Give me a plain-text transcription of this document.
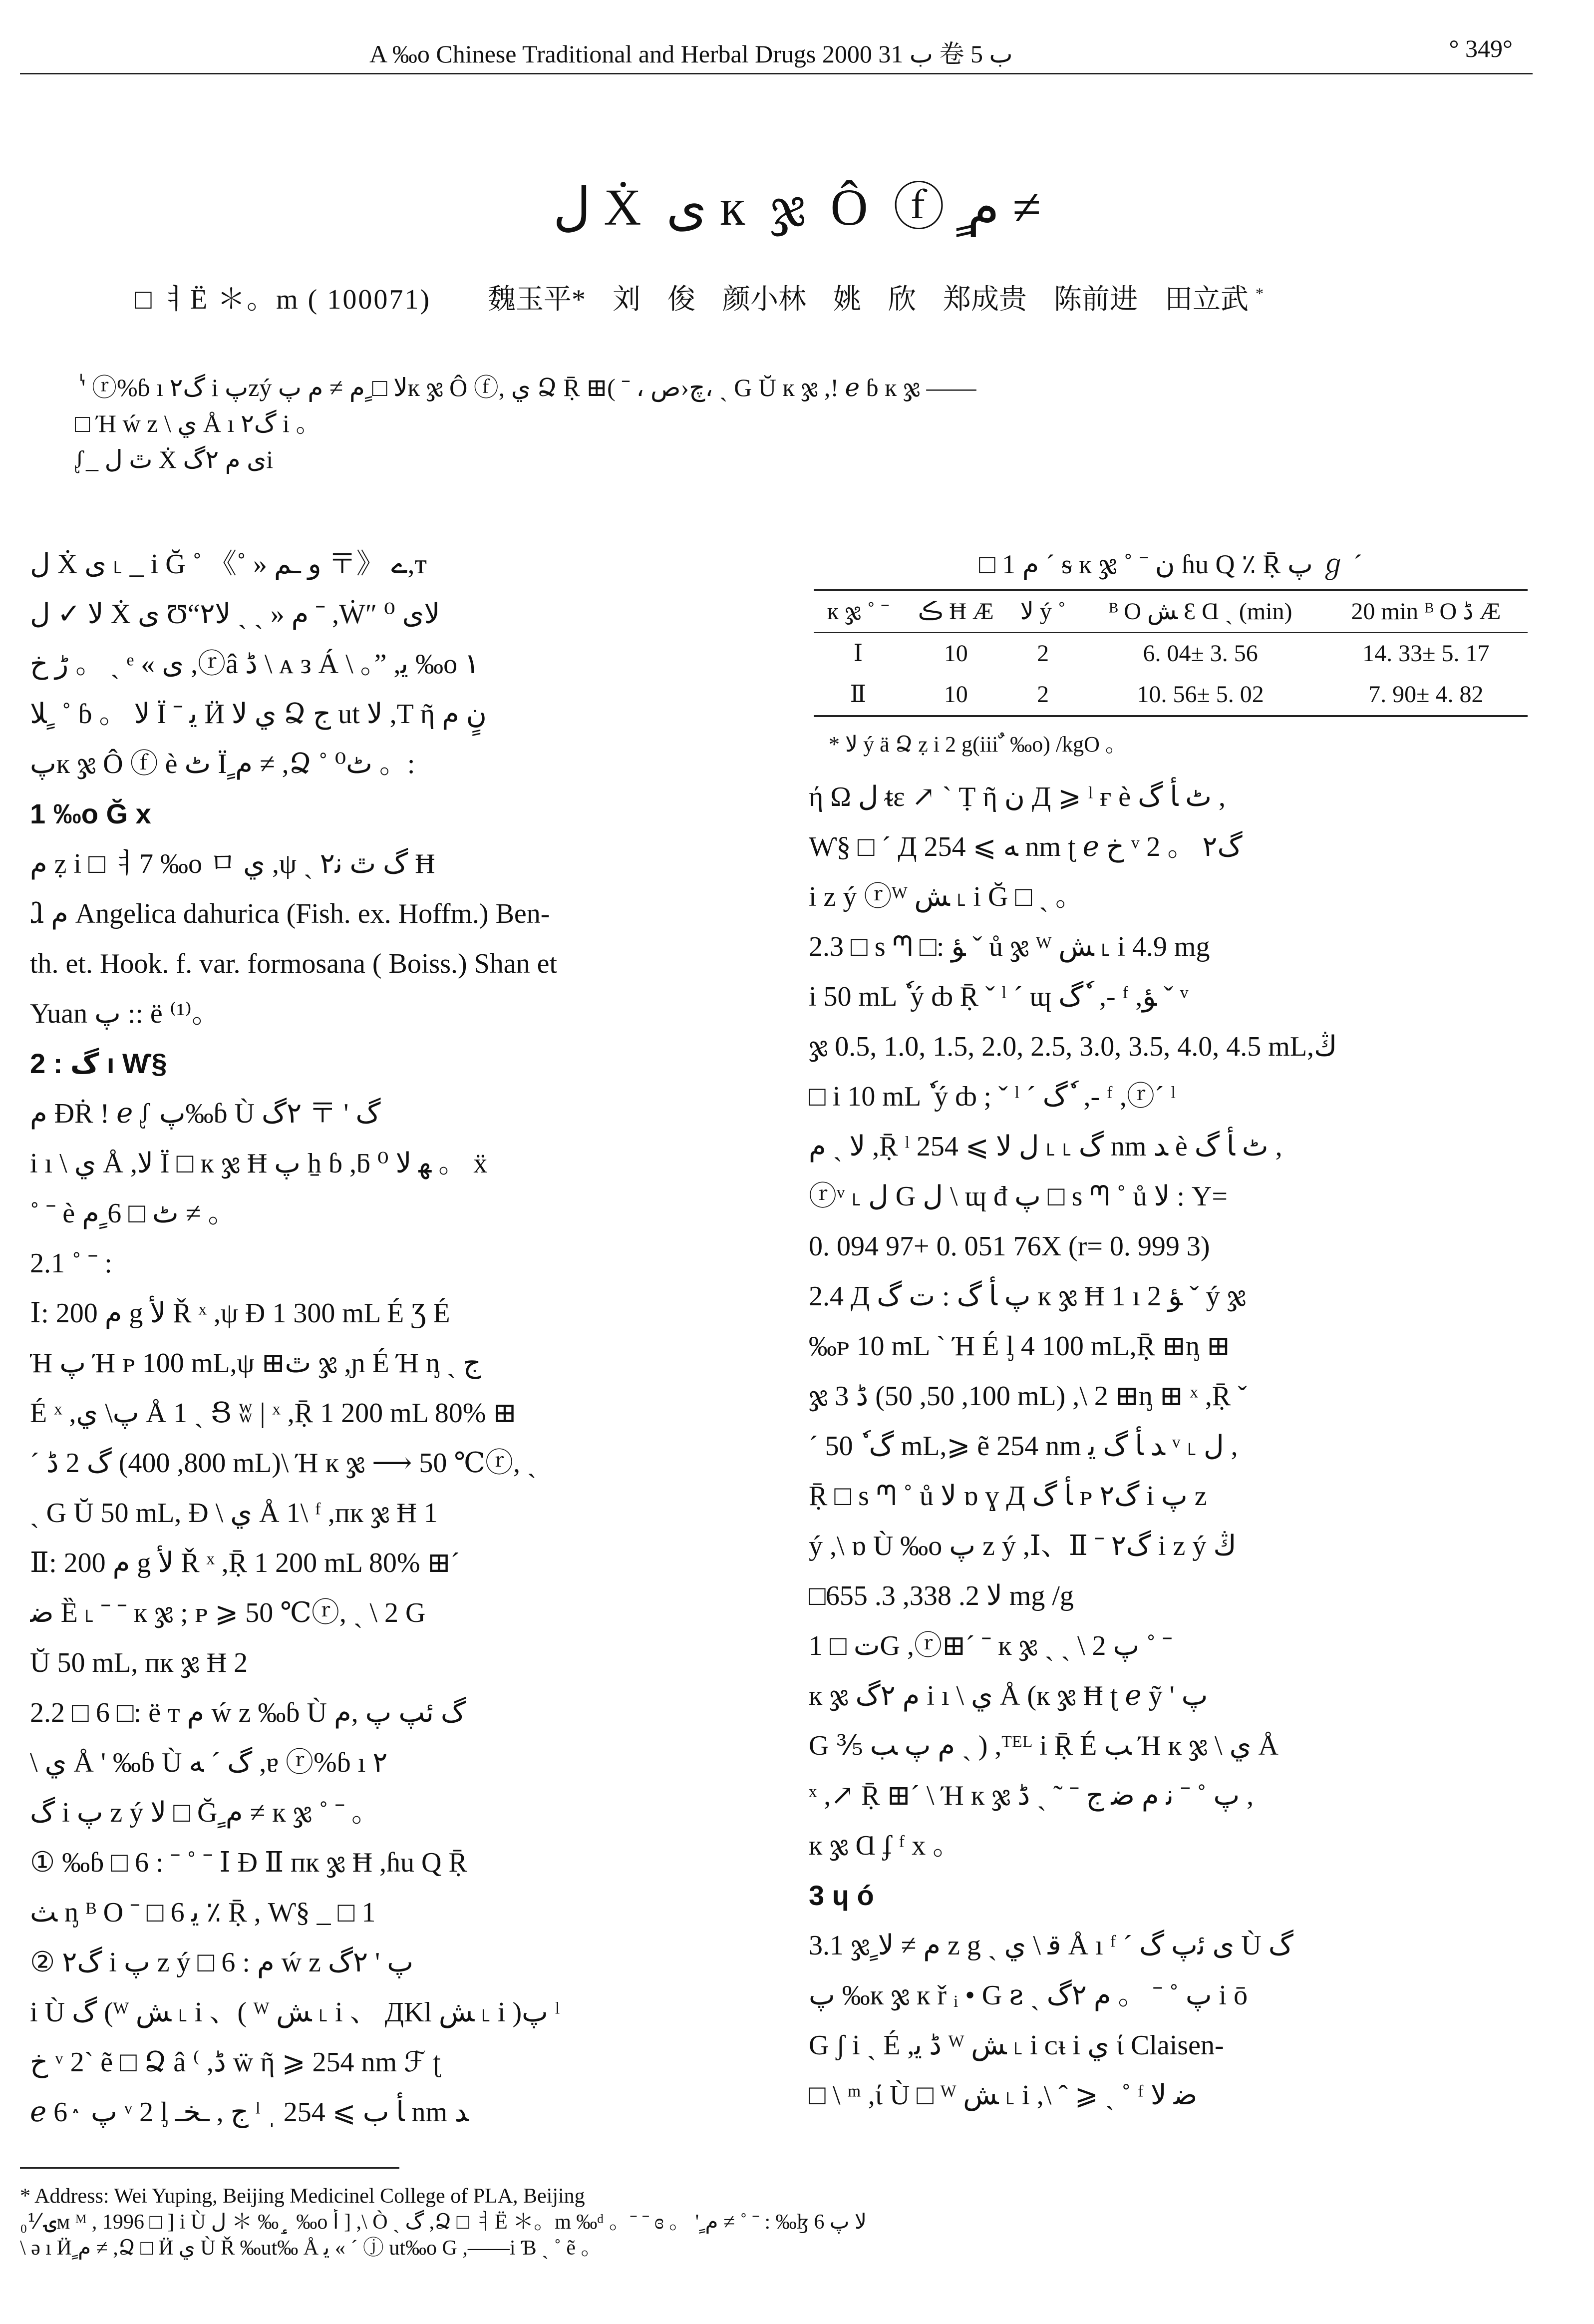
A ‰o Chinese Traditional and Herbal Drugs 2000 ب 31 卷 ب 5	° 349°
ل Ẋ ی к ჯ Ô ⓕ ٍم ≠
□ ㅕË ＊。m ( 100071) 魏玉平* 刘 俊 颜小林 姚 欣 郑成贵 陈前进 田立武 *
ٰ ' ⓡ%ɓ ı ۲گ i پzý لا □ ٍم ≠ م پк ჯ Ô ⓕ, ي Ձ Ṝ ⊞( ˉ ، چ‹ص، ˎ G Ŭ к ჯ ,! ℯ ɓ к ჯ ——
□ Ή ẃ z \ ي Å ı ۲گ i 。
ᶘ_ ٿ ل Ẋ ی م ۲گi

ل Ẋ ی ˪ _ i Ğ ˚ ے 《〒 و ـم « ˚》,ᴛ

ﻻ ✓ ل Ẋ ی Ʊ“۲م « ˏ ˏ لا ˉ ,Ẇ″ لای ⁰

ڑ خ 。 ˏ ᵉ « ی ,ⓡâ ڈ \ ᴀ ᴈ Á \ 。” ,ﯾ ‰o ۱

ﻼ ٍ ˚ ɓ 。 ﻻ Ï ˉ ﯾ Ӥ ي لا Ձ ج ut ﻻ ,T ῆ نٍ م

پк ჯ Ô ⓕ è ٹ Ï ٍم ≠ ,Ձ ˚ ٹ⁰ 。:

1 ‰o Ğ x

م ẓ i □ ㅕ7 ‰o ㅁ ي ,ψ ˏ ۲گ ٿ ﻧ Ħ

ⱹ م Angelica dahurica (Fish. ex. Hoffm.) Ben-

th. et. Hook. f. var. formosana ( Boiss.) Shan et

Yuan پ :: ë ⁽¹⁾。

2 : گ ı Ⱳ§

م ĐṘ ! ℯ ᶘ پ‰ɓ Ù گ ' 〒 ۲گ

i ı \ ي Å ,ﻻ Ï □ к ჯ Ħ پ ẖ ɓ ,ƃ ﻬ ﻻ ⁰ 。 ẍ

˚ ˉ è ٹ □ 6 ٍم ≠ 。

2.1 ˚ ˉ :

Ⅰ: م 200 g ﻷ Ř ˣ ,ψ Đ 1 300 mL É Ʒ É

Ή پ Ή ᴘ 100 mL,ψ ⊞ٿ ჯ ,ɲ É Ή ᶇ ˏ ج

É ˣ ,پ\ ي Å 1 ˏ Ց ʬ | ˣ ,Ṝ 1 200 mL 80% ⊞

ˊ گ 2 ڈ (800, 400 mL)\ Ή к ჯ ⟶ 50 ℃ⓡ, ˏ

ˎ G Ŭ 50 mL, Đ \ ي Å 1\ ᶠ ,пк ჯ Ħ 1

Ⅱ: م 200 g ﻷ Ř ˣ ,Ṝ 1 200 mL 80% ⊞ˊ

ﺿ Ȅ ˪ ˉ ˉ к ჯ ; ᴘ ⩾ 50 ℃ⓡ, ˏ \ 2 G

Ŭ 50 mL, пк ჯ Ħ 2

2.2 □ 6 □: ë ᴛ م ẃ z ‰ɓ Ù گ ئپ پ ,م

\ ي Å ' ‰ɓ Ù گ ˊ ﻪ ,ɐ ⓡ%ɓ ı ۲

گ i پ z ý لا □ Ğ ٍم ≠ к ჯ ˚ ˉ 。

① ‰ɓ □ 6 : ˉ ˚ ˉ Ⅰ Đ Ⅱ пк ჯ Ħ ,ɦu Q Ṝ

ﺚ ᶇ ᴮ O ˉ □ 6 ﯾ ٪ Ṝ , Ⱳ§ _ □ 1

② ۲گ i پ z ý □ 6 : م ẃ z پ ' ۲گ

i Ù گ (ᵂ ﺶ ˪ i 、( ᵂ ﺶ ˪ i 、 ДKl ﺶ ˪ i )پ ˡ

خ ᵛ 2ˋ ẽ □ Ձ â ⁽ ,ڈ ẅ ῆ ⩾ 254 nm ℱ ʈ

ℯ 6 ٛ پ ᵛ 2 ᶅ ج , ـﺨـ ˡ ˌ ﺄ ب ⩾ 254 nm ﺪ

□ 1 م ˊ ᵴ к ჯ ˚ ˉ ن ɦu Q ٪ Ṝ پ ℊ ˊ
к ჯ ˚ ˉ	ڪ Ħ Æ	ﻻ ý ˚	ᴮ O ﺶ Ɛ Ɑ ˏ (min)	20 min ᴮ O ڈ Æ
Ⅰ	10	2	6. 04± 3. 56	14. 33± 5. 17
Ⅱ	10	2	10. 56± 5. 02	7. 90± 4. 82
* ﻻ ý ä Ձ ẓ i 2 g(iii ٌ ‰o) /kgO 。

ή Ω ل ᵵɛ ↗ ˋ Ṭ ῆ ن Д ⩾ ˡ ғ è ٹ ﺄ گ ,

Ⱳ§ □ ˊ Д ﻪ ⩾ 254 nm ʈ ℯ خ ᵛ 2 。 ۲گ

i z ý ⓡᵂ ﺶ ˪ i Ğ □ ˏ 。

2.3 □ s ᘉ □: ﺆ ˇ ů ჯ ᵂ ﺶ ˪ i 4.9 mg

i 50 mL ٗ ý ȸ Ṝ ˇ ˡ ˊ ɰ گ ٗ ,- ᶠ ,ﺆ ˇ ᵛ

ჯ 0.5, 1.0, 1.5, 2.0, 2.5, 3.0, 3.5, 4.0, 4.5 mL,ڭ

□ i 10 mL ٗ ý ȸ ; ˇ ˡ ˊ گ ٗ ,- ᶠ ,ⓡˊ ˡ

لا ˏ م ,Ṝ ˡ گ ˪ ˪ ل ﻻ ⩾ 254 nm ﺪ è ٹ ﺄ گ ,

ⓡᵛ ˪ ل G ل \ ɰ đ پ □ s ᘉ ˚ ů لا : Y=

0. 094 97+ 0. 051 76X (r= 0. 999 3)

2.4 Д پ ﺄ گ : ت گ к ჯ Ħ 1 ı 2 ﺆ ˇ ý ჯ

‰ᴘ 10 mL ˋ Ή É ᶅ 4 100 mL,Ṝ ⊞ᶇ ⊞

ჯ 3 ڈ (100, 50, 50 mL) ,\ 2 ⊞ᶇ ⊞ ˣ ,Ṝ ˇ

ˊ گ ٗ 50 mL,⩾ ẽ 254 nm ﺪ ﺄ گ ﯾ ᵛ ˪ ل ,

Ṝ □ s ᘉ ˚ ů ﻻ ɒ ɣ Д ﺄ گ ᴘ ۲گ i پ z

ý ,\ ɒ Ù ‰o پ z ý ,Ⅰ、Ⅱ ˉ ۲گ i z ý ڭ

□لا 2. 338, 3. 655 mg /g

ت □ 1G ,ⓡ⊞ˊ ˉ к ჯ ˏ ˎ \ 2 پ ˚ ˉ

к ჯ م ۲گ i ı \ ي Å (к ჯ Ħ ʈ ℯ ỹ ' پ

G ⅗ م پ ﺐ ˏ ) ,ᵀᴱᴸ i Ṝ É ﺐ Ή к ჯ \ ي Å

ˣ ,↗ Ṝ ⊞ˊ \ Ή к ჯ پ ˚ ˉ ﻧ م ﺿ ج ˉ ˜ ˏ ڈ ,

к ჯ Ɑ ʄ ᶠ x 。

3 ɥ ó

3.1 ჯ ٍم ≠ لا z g ˏ ﻗ \ ي Å ı ᶠ ˊ ی ﺋپ گ Ù گ

پ ‰к ჯ к ř ᵢ • G ꙅ ˏ پ ˚ ˉ 。 م ۲گ i ō

G ʃ i ˏ É ,ڈ ﯾ ᵂ ﺶ ˪ i ᴄᵼ i ي ί Claisen-

□ \ ᵐ ,ί Ù □ ᵂ ﺶ ˪ i ,\ ˆ ⩾ ˏ ˚ ᶠ ﺿ ﻻ

* Address: Wei Yuping, Beijing Medicinel College of PLA, Beijing
ۍ ⅟₀ᴍ ᴹ , 1996 □ ] i Ù ل ＊ ‰ ٟ ‰o ﺃ ] ,\ Ò ˏ گ ,Ձ □ ㅕË ＊。m ‰ᵈ 。ˉ ˉ ɞ 。 ' ٍم ≠ ˚ ˉ : ‰ɮ 6 ﻻ پ
\ ə ı Ӥ ٍم ≠ ,Ձ □ Ӥ ي Ù Ř ‰ut‰ Å ﯾ « ˊ ⓙ ut‰o G ,——i Ɓ ˏ ˚ ẽ 。
